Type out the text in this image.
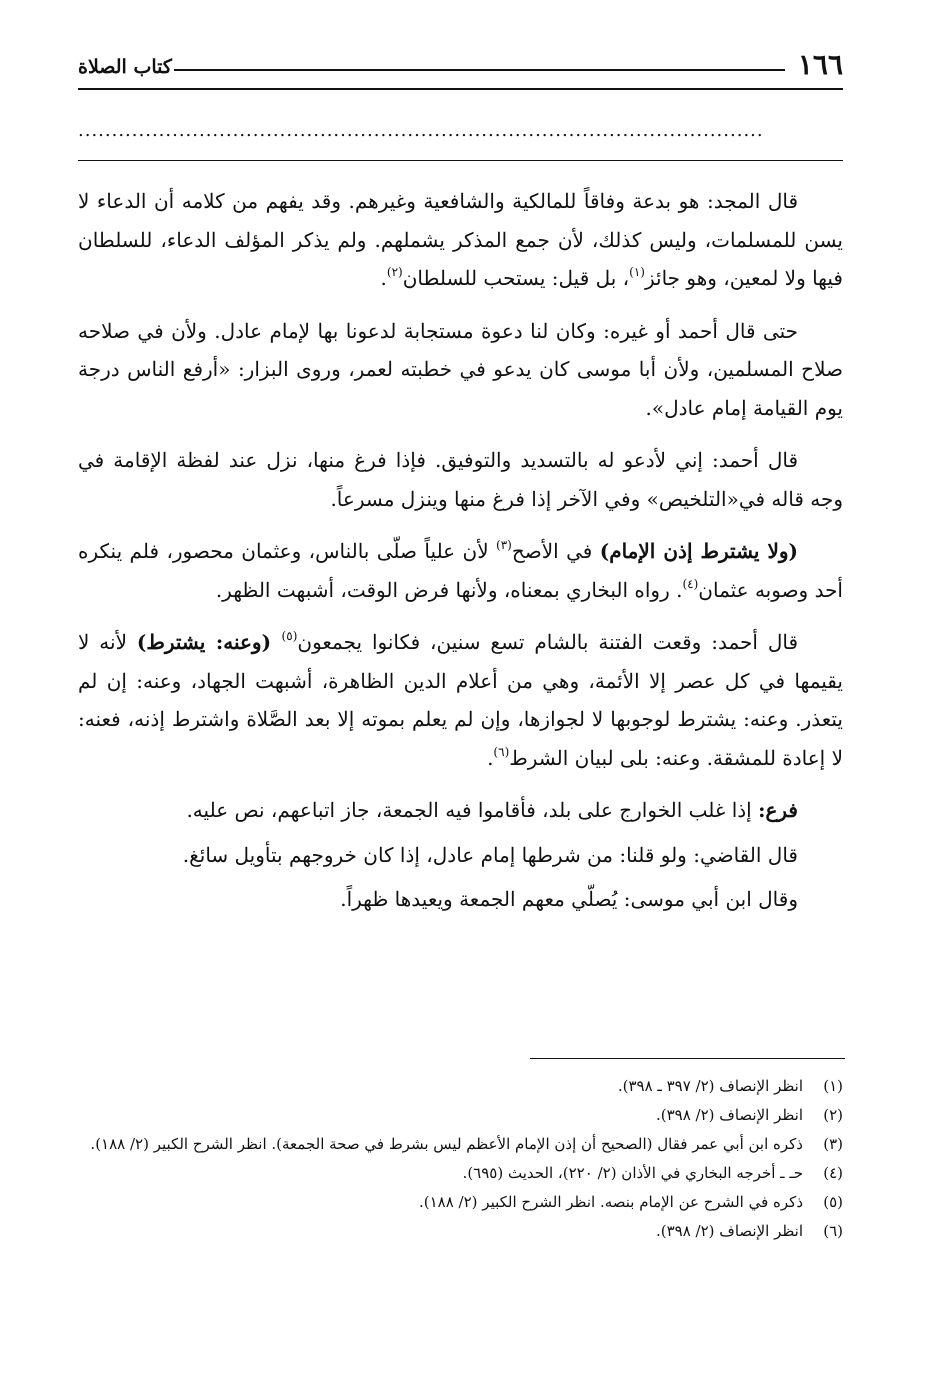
١٦٦
كتاب الصلاة
......................................................................................................

قال المجد: هو بدعة وفاقاً للمالكية والشافعية وغيرهم. وقد يفهم من كلامه أن الدعاء لا يسن للمسلمات، وليس كذلك، لأن جمع المذكر يشملهم. ولم يذكر المؤلف الدعاء، للسلطان فيها ولا لمعين، وهو جائز$^{(١)}$، بل قيل: يستحب للسلطان$^{(٢)}$.

حتى قال أحمد أو غيره: وكان لنا دعوة مستجابة لدعونا بها لإمام عادل. ولأن في صلاحه صلاح المسلمين، ولأن أبا موسى كان يدعو في خطبته لعمر، وروى البزار: «أرفع الناس درجة يوم القيامة إمام عادل».

قال أحمد: إني لأدعو له بالتسديد والتوفيق. فإذا فرغ منها، نزل عند لفظة الإقامة في وجه قاله في«التلخيص» وفي الآخر إذا فرغ منها وينزل مسرعاً.

(ولا يشترط إذن الإمام) في الأصح$^{(٣)}$ لأن علياً صلّى بالناس، وعثمان محصور، فلم ينكره أحد وصوبه عثمان$^{(٤)}$. رواه البخاري بمعناه، ولأنها فرض الوقت، أشبهت الظهر.

قال أحمد: وقعت الفتنة بالشام تسع سنين، فكانوا يجمعون$^{(٥)}$ (وعنه: يشترط) لأنه لا يقيمها في كل عصر إلا الأئمة، وهي من أعلام الدين الظاهرة، أشبهت الجهاد، وعنه: إن لم يتعذر. وعنه: يشترط لوجوبها لا لجوازها، وإن لم يعلم بموته إلا بعد الصَّلاة واشترط إذنه، فعنه: لا إعادة للمشقة. وعنه: بلى لبيان الشرط$^{(٦)}$.

فرع: إذا غلب الخوارج على بلد، فأقاموا فيه الجمعة، جاز اتباعهم، نص عليه.

قال القاضي: ولو قلنا: من شرطها إمام عادل، إذا كان خروجهم بتأويل سائغ.

وقال ابن أبي موسى: يُصلّي معهم الجمعة ويعيدها ظهراً.

(١)
انظر الإنصاف (٢/ ٣٩٧ ـ ٣٩٨).
(٢)
انظر الإنصاف (٢/ ٣٩٨).
(٣)
ذكره ابن أبي عمر فقال (الصحيح أن إذن الإمام الأعظم ليس بشرط في صحة الجمعة). انظر الشرح الكبير (٢/ ١٨٨).
(٤)
حـ ـ أخرجه البخاري في الأذان (٢/ ٢٢٠)، الحديث (٦٩٥).
(٥)
ذكره في الشرح عن الإمام بنصه. انظر الشرح الكبير (٢/ ١٨٨).
(٦)
انظر الإنصاف (٢/ ٣٩٨).
